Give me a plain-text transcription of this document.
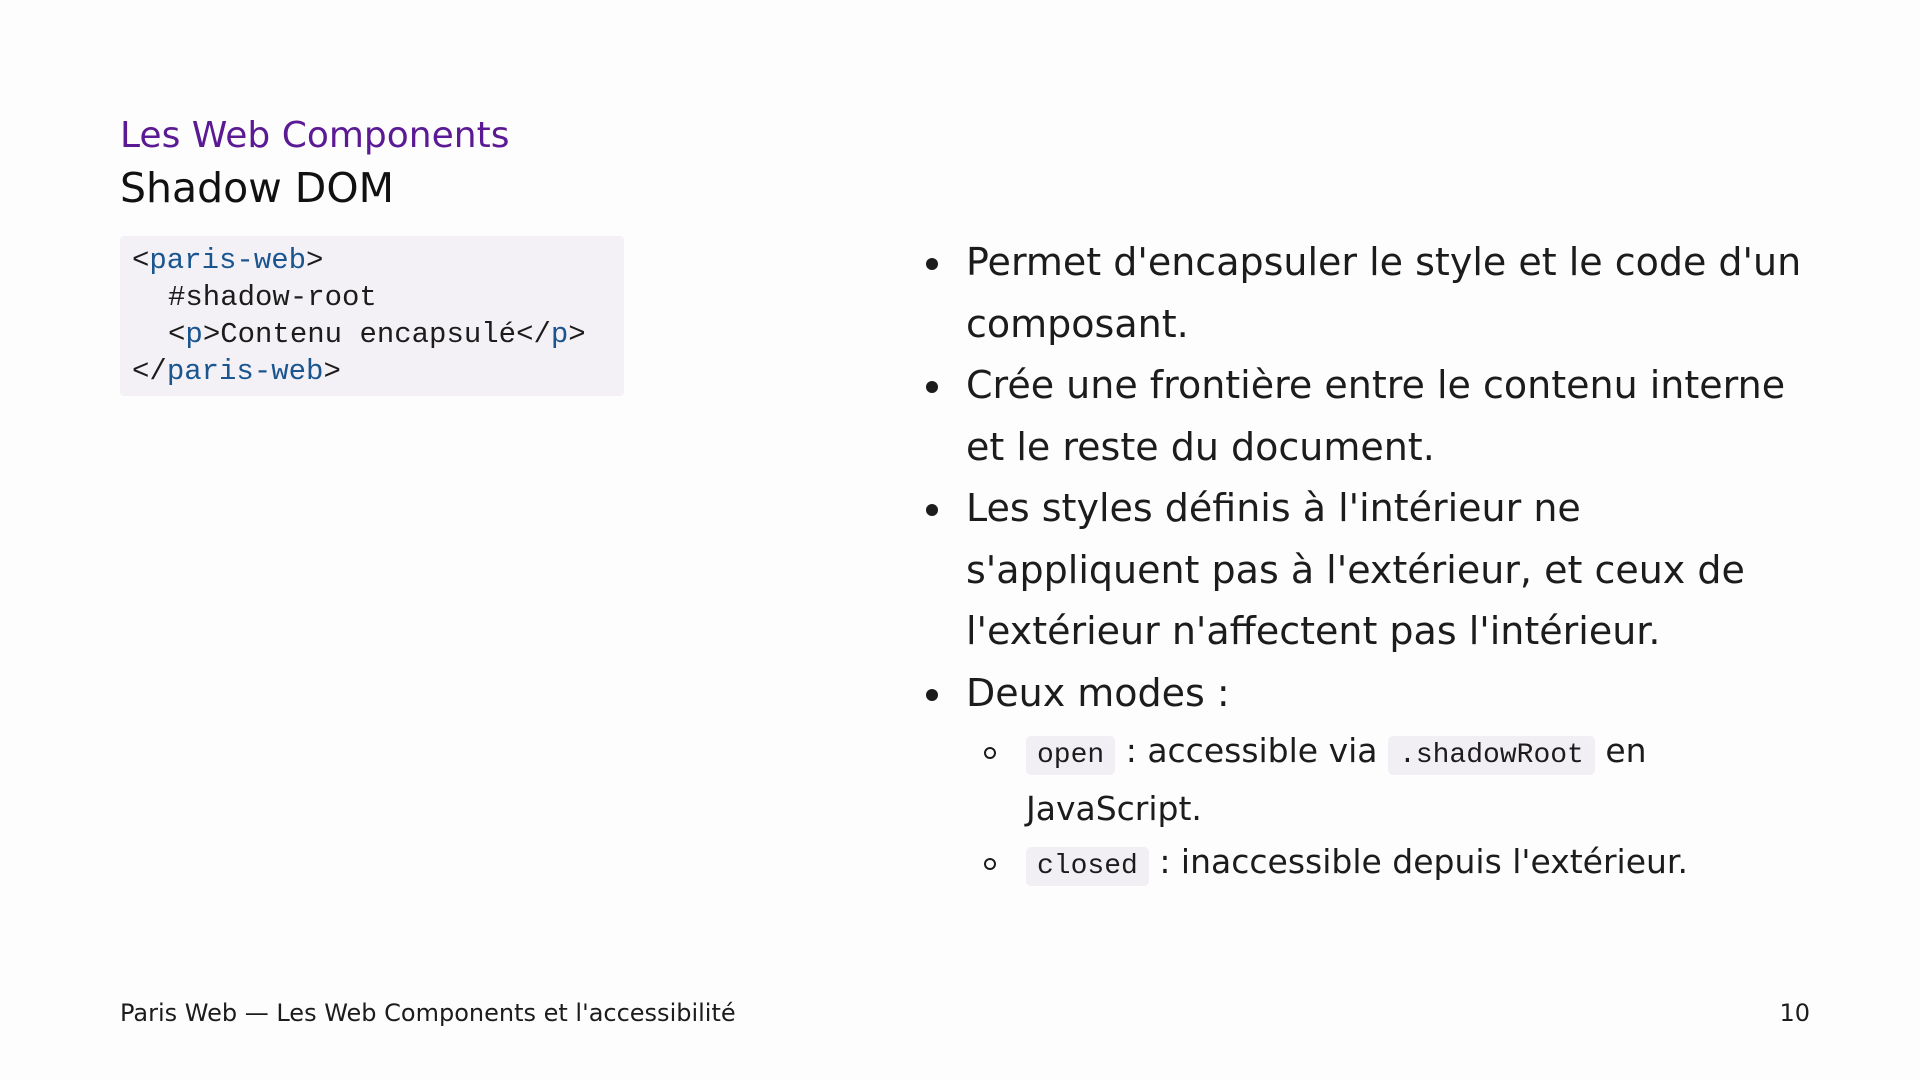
Les Web Components
Shadow DOM
<paris-web>
#shadow-root
<p>Contenu encapsulé</p>
</paris-web>
Permet d'encapsuler le style et le code d'un composant.
Crée une frontière entre le contenu interne et le reste du document.
Les styles définis à l'intérieur ne s'appliquent pas à l'extérieur, et ceux de l'extérieur n'affectent pas l'intérieur.
Deux modes :
open : accessible via .shadowRoot en JavaScript.
closed : inaccessible depuis l'extérieur.
Paris Web — Les Web Components et l'accessibilité	10
